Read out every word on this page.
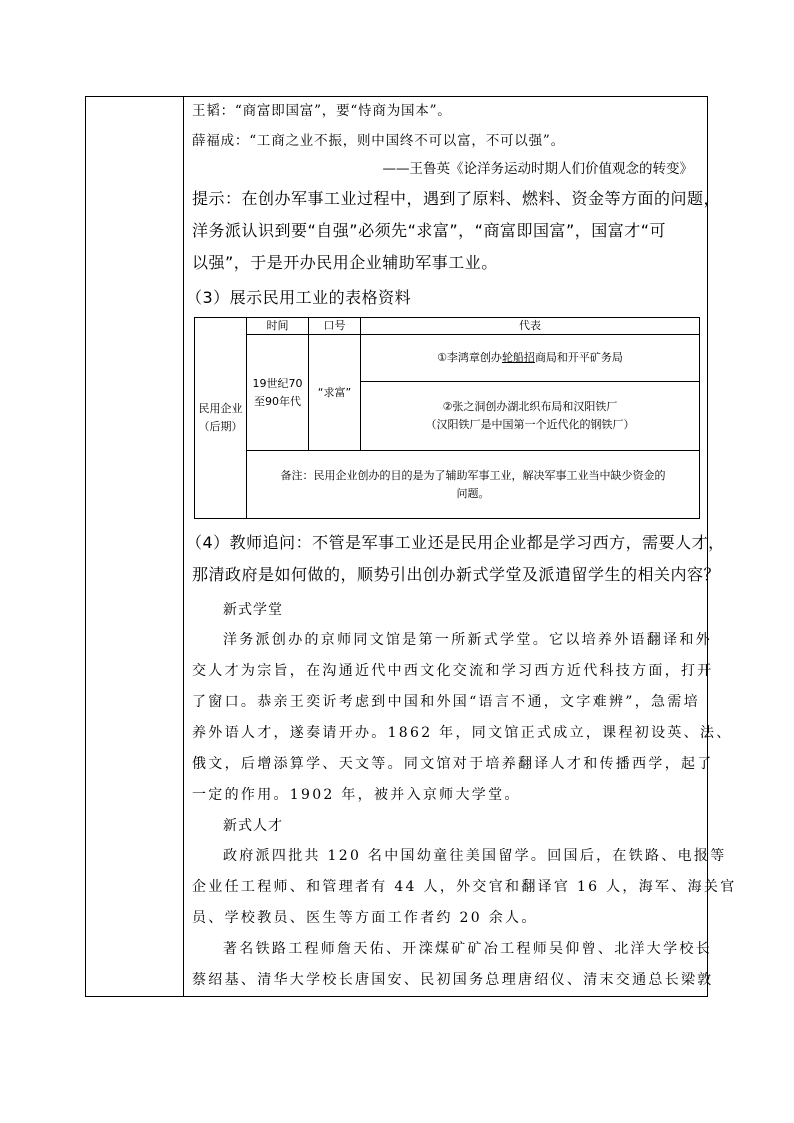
王韬：“商富即国富”，要“恃商为国本”。
薛福成：“工商之业不振，则中国终不可以富，不可以强”。
——王鲁英《论洋务运动时期人们价值观念的转变》
提示：在创办军事工业过程中，遇到了原料、燃料、资金等方面的问题，
洋务派认识到要“自强”必须先“求富”，“商富即国富”，国富才“可
以强”，于是开办民用企业辅助军事工业。
（3）展示民用工业的表格资料
民用企业
（后期）
时间	口号	代表
19世纪70
至90年代
“求富”
①李鸿章创办轮船招商局和开平矿务局
②张之洞创办湖北织布局和汉阳铁厂
（汉阳铁厂是中国第一个近代化的钢铁厂）
备注：民用企业创办的目的是为了辅助军事工业，解决军事工业当中缺少资金的
问题。
（4）教师追问：不管是军事工业还是民用企业都是学习西方，需要人才，
那清政府是如何做的，顺势引出创办新式学堂及派遣留学生的相关内容？
新式学堂
洋务派创办的京师同文馆是第一所新式学堂。它以培养外语翻译和外
交人才为宗旨，在沟通近代中西文化交流和学习西方近代科技方面，打开
了窗口。恭亲王奕䜣考虑到中国和外国“语言不通，文字难辨”，急需培
养外语人才，遂奏请开办。1862 年，同文馆正式成立，课程初设英、法、
俄文，后增添算学、天文等。同文馆对于培养翻译人才和传播西学，起了
一定的作用。1902 年，被并入京师大学堂。
新式人才
政府派四批共 120 名中国幼童往美国留学。回国后，在铁路、电报等
企业任工程师、和管理者有 44 人，外交官和翻译官 16 人，海军、海关官
员、学校教员、医生等方面工作者约 20 余人。
著名铁路工程师詹天佑、开滦煤矿矿冶工程师吴仰曾、北洋大学校长
蔡绍基、清华大学校长唐国安、民初国务总理唐绍仪、清末交通总长梁敦
